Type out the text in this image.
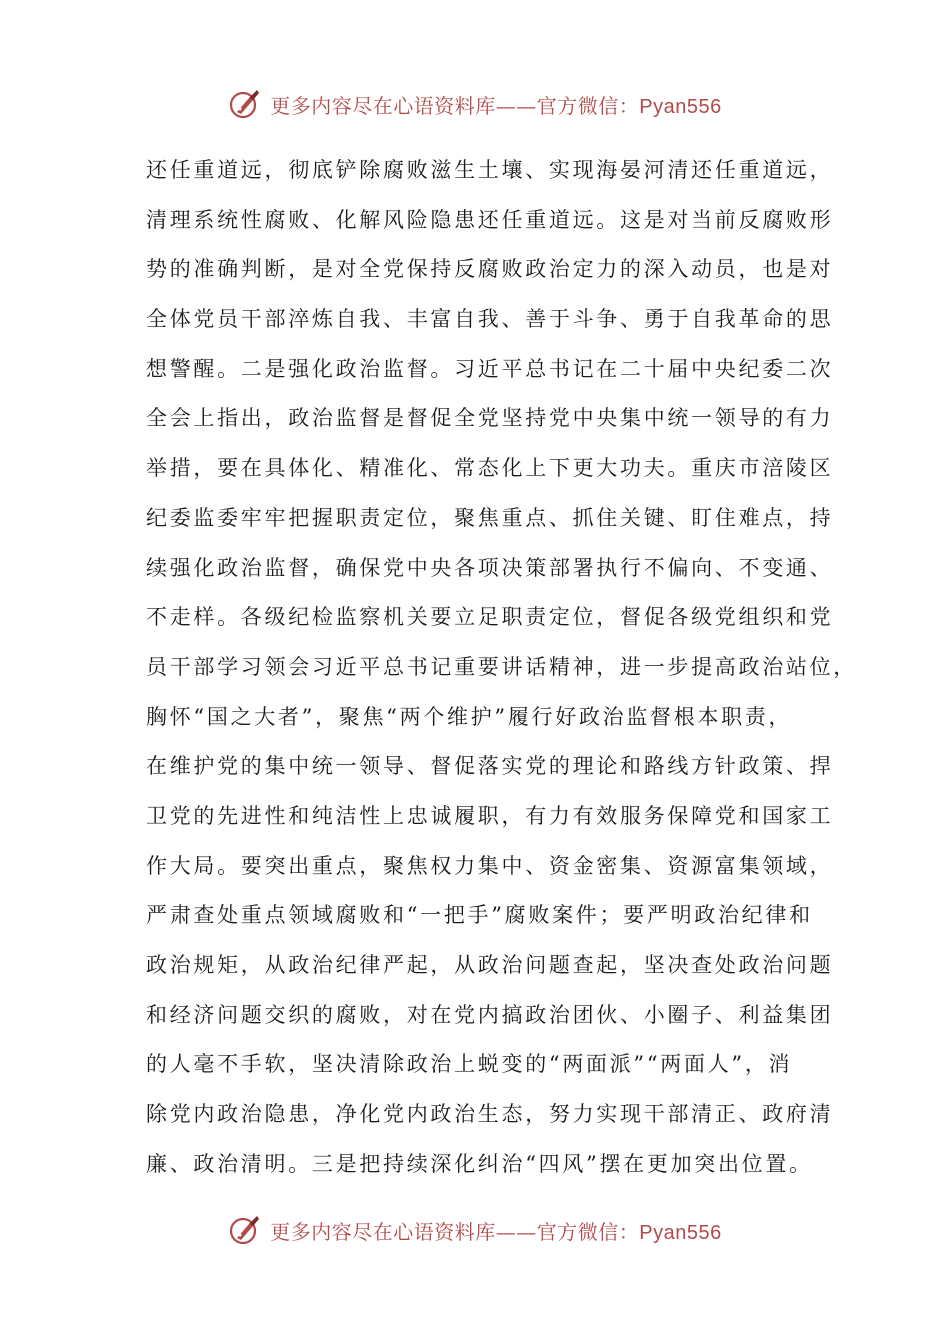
更多内容尽在心语资料库——官方微信：Pyan556
还任重道远，彻底铲除腐败滋生土壤、实现海晏河清还任重道远，
清理系统性腐败、化解风险隐患还任重道远。这是对当前反腐败形
势的准确判断，是对全党保持反腐败政治定力的深入动员，也是对
全体党员干部淬炼自我、丰富自我、善于斗争、勇于自我革命的思
想警醒。二是强化政治监督。习近平总书记在二十届中央纪委二次
全会上指出，政治监督是督促全党坚持党中央集中统一领导的有力
举措，要在具体化、精准化、常态化上下更大功夫。重庆市涪陵区
纪委监委牢牢把握职责定位，聚焦重点、抓住关键、盯住难点，持
续强化政治监督，确保党中央各项决策部署执行不偏向、不变通、
不走样。各级纪检监察机关要立足职责定位，督促各级党组织和党
员干部学习领会习近平总书记重要讲话精神，进一步提高政治站位，
胸怀“国之大者”，聚焦“两个维护”履行好政治监督根本职责，
在维护党的集中统一领导、督促落实党的理论和路线方针政策、捍
卫党的先进性和纯洁性上忠诚履职，有力有效服务保障党和国家工
作大局。要突出重点，聚焦权力集中、资金密集、资源富集领域，
严肃查处重点领域腐败和“一把手”腐败案件；要严明政治纪律和
政治规矩，从政治纪律严起，从政治问题查起，坚决查处政治问题
和经济问题交织的腐败，对在党内搞政治团伙、小圈子、利益集团
的人毫不手软，坚决清除政治上蜕变的“两面派”“两面人”，消
除党内政治隐患，净化党内政治生态，努力实现干部清正、政府清
廉、政治清明。三是把持续深化纠治“四风”摆在更加突出位置。
更多内容尽在心语资料库——官方微信：Pyan556
